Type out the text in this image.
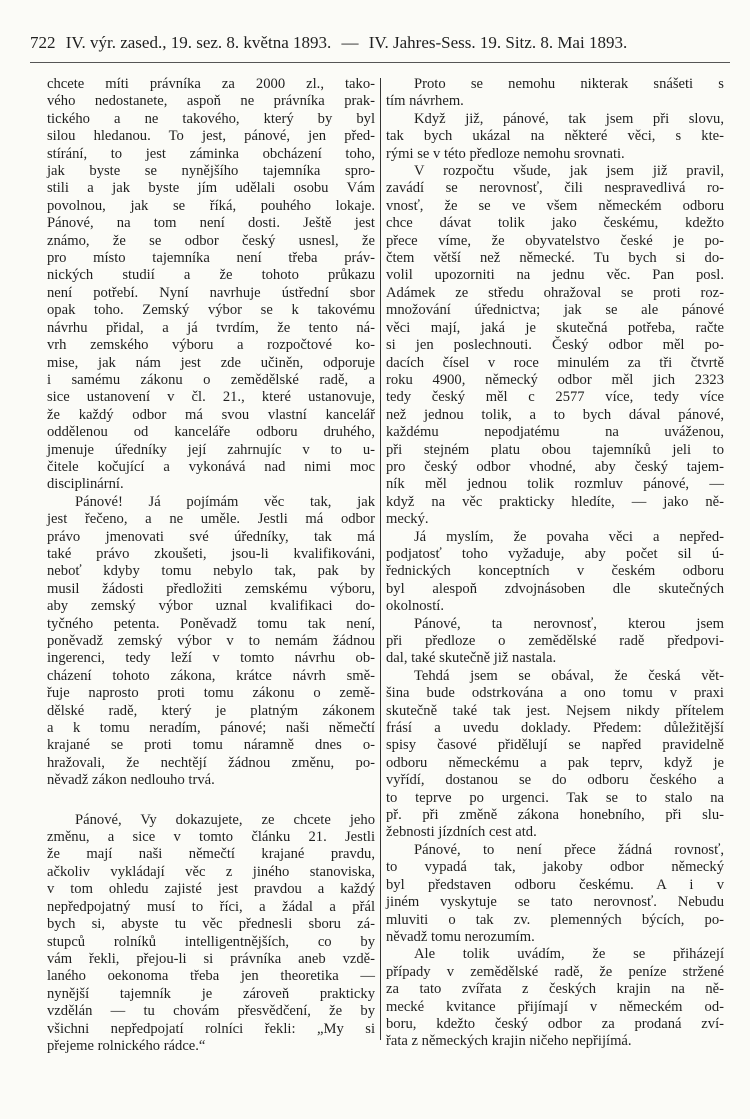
722 IV. výr. zased., 19. sez. 8. května 1893. — IV. Jahres-Sess. 19. Sitz. 8. Mai 1893.
chcete míti právníka za 2000 zl., tako-
vého nedostanete, aspoň ne právníka prak-
tického a ne takového, který by byl
silou hledanou. To jest, pánové, jen před-
stírání, to jest záminka obcházení toho,
jak byste se nynějšího tajemníka spro-
stili a jak byste jím udělali osobu Vám
povolnou, jak se říká, pouhého lokaje.
Pánové, na tom není dosti. Ještě jest
známo, že se odbor český usnesl, že
pro místo tajemníka není třeba práv-
nických studií a že tohoto průkazu
není potřebí. Nyní navrhuje ústřední sbor
opak toho. Zemský výbor se k takovému
návrhu přidal, a já tvrdím, že tento ná-
vrh zemského výboru a rozpočtové ko-
mise, jak nám jest zde učiněn, odporuje
i samému zákonu o zemědělské radě, a
sice ustanovení v čl. 21., které ustanovuje,
že každý odbor má svou vlastní kancelář
oddělenou od kanceláře odboru druhého,
jmenuje úředníky její zahrnujíc v to u-
čitele kočující a vykonává nad nimi moc
disciplinární.
Pánové! Já pojímám věc tak, jak
jest řečeno, a ne uměle. Jestli má odbor
právo jmenovati své úředníky, tak má
také právo zkoušeti, jsou-li kvalifikováni,
neboť kdyby tomu nebylo tak, pak by
musil žádosti předložiti zemskému výboru,
aby zemský výbor uznal kvalifikaci do-
tyčného petenta. Poněvadž tomu tak není,
poněvadž zemský výbor v to nemám žádnou
ingerenci, tedy leží v tomto návrhu ob-
cházení tohoto zákona, krátce návrh smě-
řuje naprosto proti tomu zákonu o země-
dělské radě, který je platným zákonem
a k tomu neradím, pánové; naši němečtí
krajané se proti tomu náramně dnes o-
hražovali, že nechtějí žádnou změnu, po-
něvadž zákon nedlouho trvá.
Pánové, Vy dokazujete, ze chcete jeho
změnu, a sice v tomto článku 21. Jestli
že mají naši němečtí krajané pravdu,
ačkoliv vykládají věc z jiného stanoviska,
v tom ohledu zajisté jest pravdou a každý
nepředpojatný musí to říci, a žádal a přál
bych si, abyste tu věc přednesli sboru zá-
stupců rolníků intelligentnějších, co by
vám řekli, přejou-li si právníka aneb vzdě-
laného oekonoma třeba jen theoretika —
nynější tajemník je zároveň prakticky
vzdělán — tu chovám přesvědčení, že by
všichni nepředpojatí rolníci řekli: „My si
přejeme rolnického rádce.“
Proto se nemohu nikterak snášeti s
tím návrhem.
Když již, pánové, tak jsem při slovu,
tak bych ukázal na některé věci, s kte-
rými se v této předloze nemohu srovnati.
V rozpočtu všude, jak jsem již pravil,
zavádí se nerovnosť, čili nespravedlivá ro-
vnosť, že se ve všem německém odboru
chce dávat tolik jako českému, kdežto
přece víme, že obyvatelstvo české je po-
čtem větší než německé. Tu bych si do-
volil upozorniti na jednu věc. Pan posl.
Adámek ze středu ohražoval se proti roz-
množování úřednictva; jak se ale pánové
věci mají, jaká je skutečná potřeba, račte
si jen poslechnouti. Český odbor měl po-
dacích čísel v roce minulém za tři čtvrtě
roku 4900, německý odbor měl jich 2323
tedy český měl c 2577 více, tedy více
než jednou tolik, a to bych dával pánové,
každému nepodjatému na uváženou,
při stejném platu obou tajemníků jeli to
pro český odbor vhodné, aby český tajem-
ník měl jednou tolik rozmluv pánové, —
když na věc prakticky hledíte, — jako ně-
mecký.
Já myslím, že povaha věci a nepřed-
podjatosť toho vyžaduje, aby počet sil ú-
řednických konceptních v českém odboru
byl alespoň zdvojnásoben dle skutečných
okolností.
Pánové, ta nerovnosť, kterou jsem
při předloze o zemědělské radě předpovi-
dal, také skutečně již nastala.
Tehdá jsem se obával, že česká vět-
šina bude odstrkována a ono tomu v praxi
skutečně také tak jest. Nejsem nikdy přítelem
frásí a uvedu doklady. Předem: důležitější
spisy časové přidělují se napřed pravidelně
odboru německému a pak teprv, když je
vyřídí, dostanou se do odboru českého a
to teprve po urgenci. Tak se to stalo na
př. při změně zákona honebního, při slu-
žebnosti jízdních cest atd.
Pánové, to není přece žádná rovnosť,
to vypadá tak, jakoby odbor německý
byl představen odboru českému. A i v
jiném vyskytuje se tato nerovnosť. Nebudu
mluviti o tak zv. plemenných býcích, po-
něvadž tomu nerozumím.
Ale tolik uvádím, že se přiházejí
případy v zemědělské radě, že peníze stržené
za tato zvířata z českých krajin na ně-
mecké kvitance přijímají v německém od-
boru, kdežto český odbor za prodaná zví-
řata z německých krajin ničeho nepřijímá.
